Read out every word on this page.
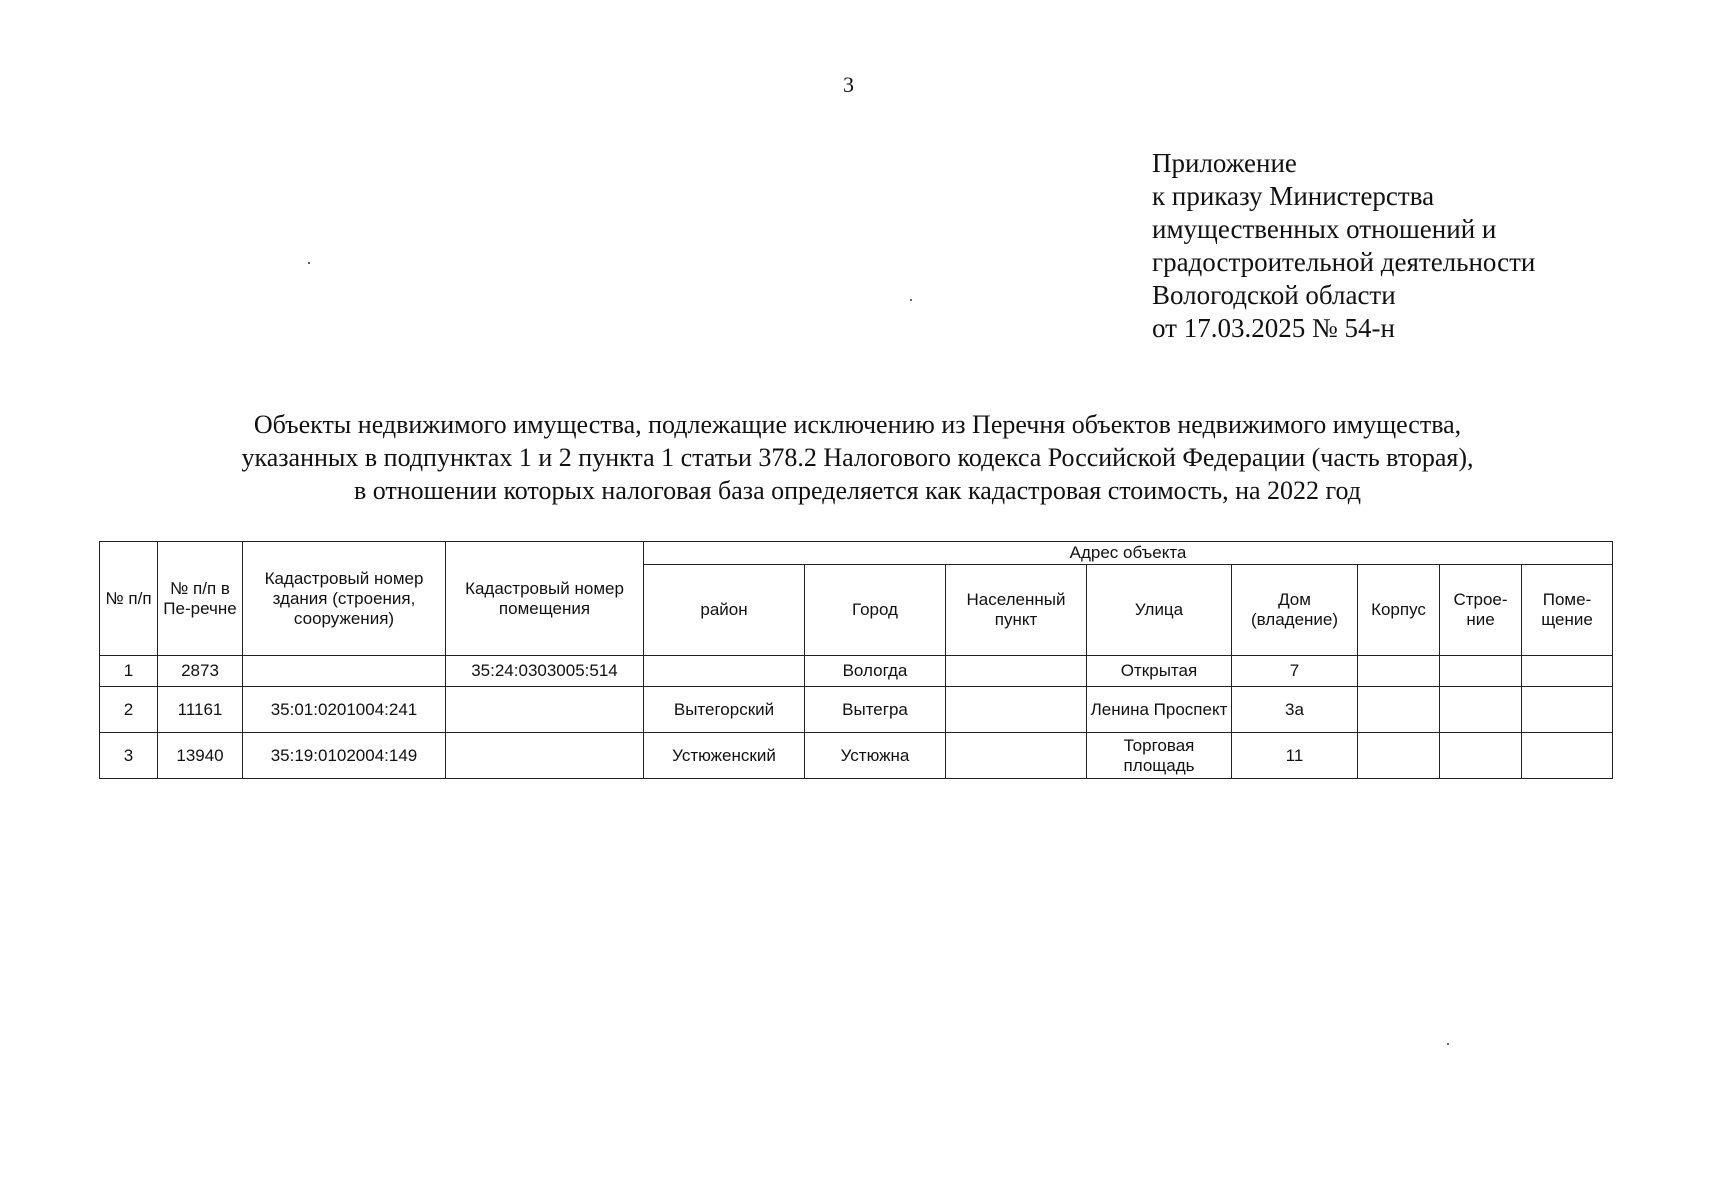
3
Приложение
к приказу Министерства
имущественных отношений и
градостроительной деятельности
Вологодской области
от 17.03.2025 № 54-н
Объекты недвижимого имущества, подлежащие исключению из Перечня объектов недвижимого имущества,
указанных в подпунктах 1 и 2 пункта 1 статьи 378.2 Налогового кодекса Российской Федерации (часть вторая),
в отношении которых налоговая база определяется как кадастровая стоимость, на 2022 год
№ п/п	№ п/п в Пе-речне	Кадастровый номер здания (строения, сооружения)	Кадастровый номер помещения	Адрес объекта							
				район	Город	Населенный пункт	Улица	Дом (владение)	Корпус	Строе-ние	Поме-щение
1	2873		35:24:0303005:514		Вологда		Открытая	7			
2	11161	35:01:0201004:241		Вытегорский	Вытегра		Ленина Проспект	3а			
3	13940	35:19:0102004:149		Устюженский	Устюжна		Торговая площадь	11			
